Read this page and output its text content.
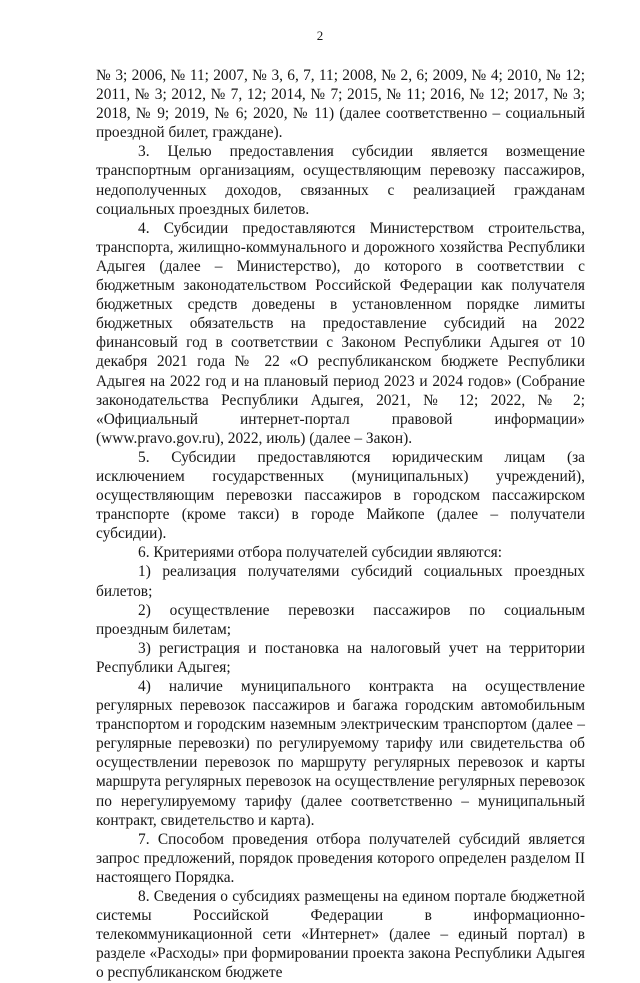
2

№ 3; 2006, № 11; 2007, № 3, 6, 7, 11; 2008, № 2, 6; 2009, № 4; 2010, № 12; 2011, № 3; 2012, № 7, 12; 2014, № 7; 2015, № 11; 2016, № 12; 2017, № 3; 2018, № 9; 2019, № 6; 2020, № 11) (далее соответственно – социальный проездной билет, граждане).

3. Целью предоставления субсидии является возмещение транспортным организациям, осуществляющим перевозку пассажиров, недополученных доходов, связанных с реализацией гражданам социальных проездных билетов.

4. Субсидии предоставляются Министерством строительства, транспорта, жилищно-коммунального и дорожного хозяйства Республики Адыгея (далее – Министерство), до которого в соответствии с бюджетным законодательством Российской Федерации как получателя бюджетных средств доведены в установленном порядке лимиты бюджетных обязательств на предоставление субсидий на 2022 финансовый год в соответствии с Законом Республики Адыгея от 10 декабря 2021 года № 22 «О республиканском бюджете Республики Адыгея на 2022 год и на плановый период 2023 и 2024 годов» (Собрание законодательства Республики Адыгея, 2021, № 12; 2022, № 2; «Официальный интернет-портал правовой информации» (www.pravo.gov.ru), 2022, июль) (далее – Закон).

5. Субсидии предоставляются юридическим лицам (за исключением государственных (муниципальных) учреждений), осуществляющим перевозки пассажиров в городском пассажирском транспорте (кроме такси) в городе Майкопе (далее – получатели субсидии).

6. Критериями отбора получателей субсидии являются:

1) реализация получателями субсидий социальных проездных билетов;

2) осуществление перевозки пассажиров по социальным проездным билетам;

3) регистрация и постановка на налоговый учет на территории Республики Адыгея;

4) наличие муниципального контракта на осуществление регулярных перевозок пассажиров и багажа городским автомобильным транспортом и городским наземным электрическим транспортом (далее – регулярные перевозки) по регулируемому тарифу или свидетельства об осуществлении перевозок по маршруту регулярных перевозок и карты маршрута регулярных перевозок на осуществление регулярных перевозок по нерегулируемому тарифу (далее соответственно – муниципальный контракт, свидетельство и карта).

7. Способом проведения отбора получателей субсидий является запрос предложений, порядок проведения которого определен разделом II настоящего Порядка.

8. Сведения о субсидиях размещены на едином портале бюджетной системы Российской Федерации в информационно-телекоммуникационной сети «Интернет» (далее – единый портал) в разделе «Расходы» при формировании проекта закона Республики Адыгея о республиканском бюджете
